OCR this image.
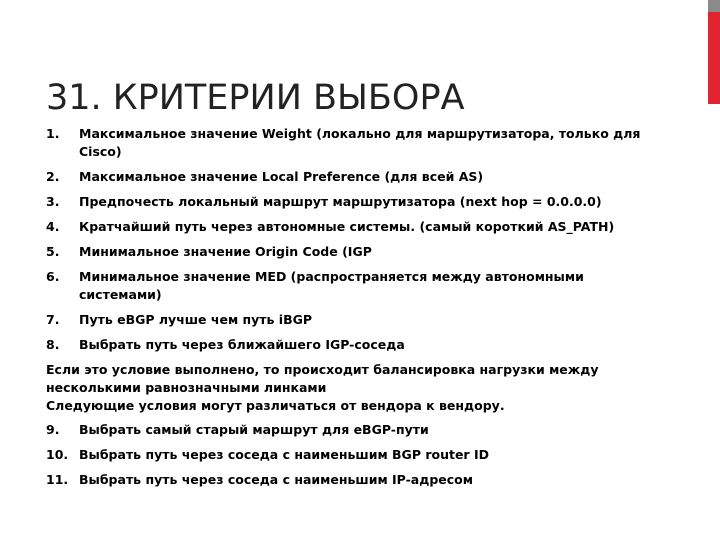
31. КРИТЕРИИ ВЫБОРА
1. Максимальное значение Weight (локально для маршрутизатора, только для Cisco)
2. Максимальное значение Local Preference (для всей AS)
3. Предпочесть локальный маршрут маршрутизатора (next hop = 0.0.0.0)
4. Кратчайший путь через автономные системы. (самый короткий AS_PATH)
5. Минимальное значение Origin Code (IGP
6. Минимальное значение MED (распространяется между автономными системами)
7. Путь eBGP лучше чем путь iBGP
8. Выбрать путь через ближайшего IGP-соседа

Если это условие выполнено, то происходит балансировка нагрузки между несколькими равнозначными линками
Следующие условия могут различаться от вендора к вендору.

9. Выбрать самый старый маршрут для eBGP-пути
10. Выбрать путь через соседа с наименьшим BGP router ID
11. Выбрать путь через соседа с наименьшим IP-адресом
